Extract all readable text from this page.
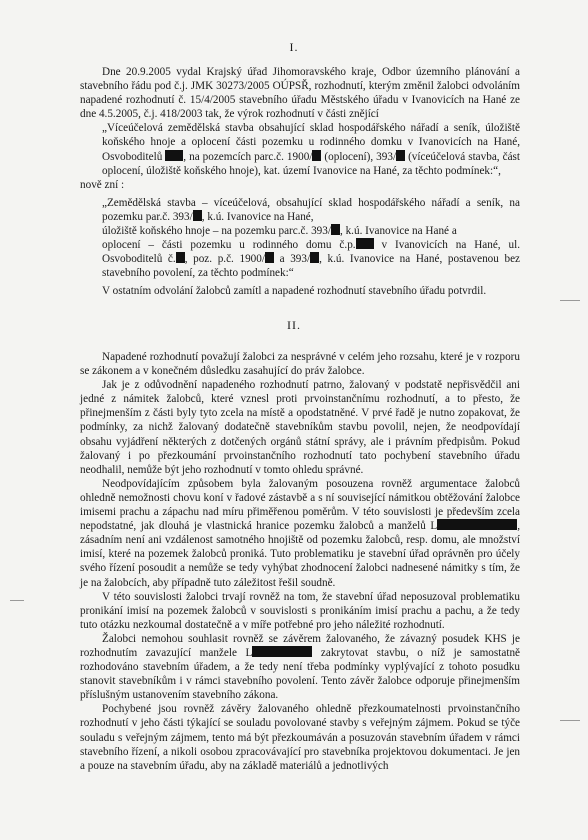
I.

Dne 20.9.2005 vydal Krajský úřad Jihomoravského kraje, Odbor územního plánování a stavebního řádu pod č.j. JMK 30273/2005 OÚPSŘ, rozhodnutí, kterým změnil žalobci odvoláním napadené rozhodnutí č. 15/4/2005 stavebního úřadu Městského úřadu v Ivanovicích na Hané ze dne 4.5.2005, č.j. 418/2003 tak, že výrok rozhodnutí v části znějící

„Víceúčelová zemědělská stavba obsahující sklad hospodářského nářadí a seník, úložiště koňského hnoje a oplocení části pozemku u rodinného domku v Ivanovicích na Hané, Osvoboditelů , na pozemcích parc.č. 1900/ (oplocení), 393/ (víceúčelová stavba, část oplocení, úložiště koňského hnoje), kat. území Ivanovice na Hané, za těchto podmínek:“,

nově zní :

„Zemědělská stavba – víceúčelová, obsahující sklad hospodářského nářadí a seník, na pozemku par.č. 393/ , k.ú. Ivanovice na Hané,
úložiště koňského hnoje – na pozemku parc.č. 393/ , k.ú. Ivanovice na Hané a
oplocení – části pozemku u rodinného domu č.p. v Ivanovicích na Hané, ul. Osvoboditelů č. , poz. p.č. 1900/ a 393/ , k.ú. Ivanovice na Hané, postavenou bez stavebního povolení, za těchto podmínek:“

V ostatním odvolání žalobců zamítl a napadené rozhodnutí stavebního úřadu potvrdil.

II.

Napadené rozhodnutí považují žalobci za nesprávné v celém jeho rozsahu, které je v rozporu se zákonem a v konečném důsledku zasahující do práv žalobce.

Jak je z odůvodnění napadeného rozhodnutí patrno, žalovaný v podstatě nepřisvědčil ani jedné z námitek žalobců, které vznesl proti prvoinstančnímu rozhodnutí, a to přesto, že přinejmenším z části byly tyto zcela na místě a opodstatněné. V prvé řadě je nutno zopakovat, že podmínky, za nichž žalovaný dodatečně stavebníkům stavbu povolil, nejen, že neodpovídají obsahu vyjádření některých z dotčených orgánů státní správy, ale i právním předpisům. Pokud žalovaný i po přezkoumání prvoinstančního rozhodnutí tato pochybení stavebního úřadu neodhalil, nemůže být jeho rozhodnutí v tomto ohledu správné.

Neodpovídajícím způsobem byla žalovaným posouzena rovněž argumentace žalobců ohledně nemožnosti chovu koní v řadové zástavbě a s ní související námitkou obtěžování žalobce imisemi prachu a zápachu nad míru přiměřenou poměrům. V této souvislosti je především zcela nepodstatné, jak dlouhá je vlastnická hranice pozemku žalobců a manželů L	, zásadním není ani vzdálenost samotného hnojiště od pozemku žalobců, resp. domu, ale množství imisí, které na pozemek žalobců proniká. Tuto problematiku je stavební úřad oprávněn pro účely svého řízení posoudit a nemůže se tedy vyhýbat zhodnocení žalobci nadnesené námitky s tím, že je na žalobcích, aby případně tuto záležitost řešil soudně.

V této souvislosti žalobci trvají rovněž na tom, že stavební úřad neposuzoval problematiku pronikání imisí na pozemek žalobců v souvislosti s pronikáním imisí prachu a pachu, a že tedy tuto otázku nezkoumal dostatečně a v míře potřebné pro jeho náležité rozhodnutí.

Žalobci nemohou souhlasit rovněž se závěrem žalovaného, že závazný posudek KHS je rozhodnutím zavazující manžele L	zakrytovat stavbu, o níž je samostatně rozhodováno stavebním úřadem, a že tedy není třeba podmínky vyplývající z tohoto posudku stanovit stavebníkům i v rámci stavebního povolení. Tento závěr žalobce odporuje přinejmenším příslušným ustanovením stavebního zákona.

Pochybené jsou rovněž závěry žalovaného ohledně přezkoumatelnosti prvoinstančního rozhodnutí v jeho části týkající se souladu povolované stavby s veřejným zájmem. Pokud se týče souladu s veřejným zájmem, tento má být přezkoumáván a posuzován stavebním úřadem v rámci stavebního řízení, a nikoli osobou zpracovávající pro stavebníka projektovou dokumentaci. Je jen a pouze na stavebním úřadu, aby na základě materiálů a jednotlivých
